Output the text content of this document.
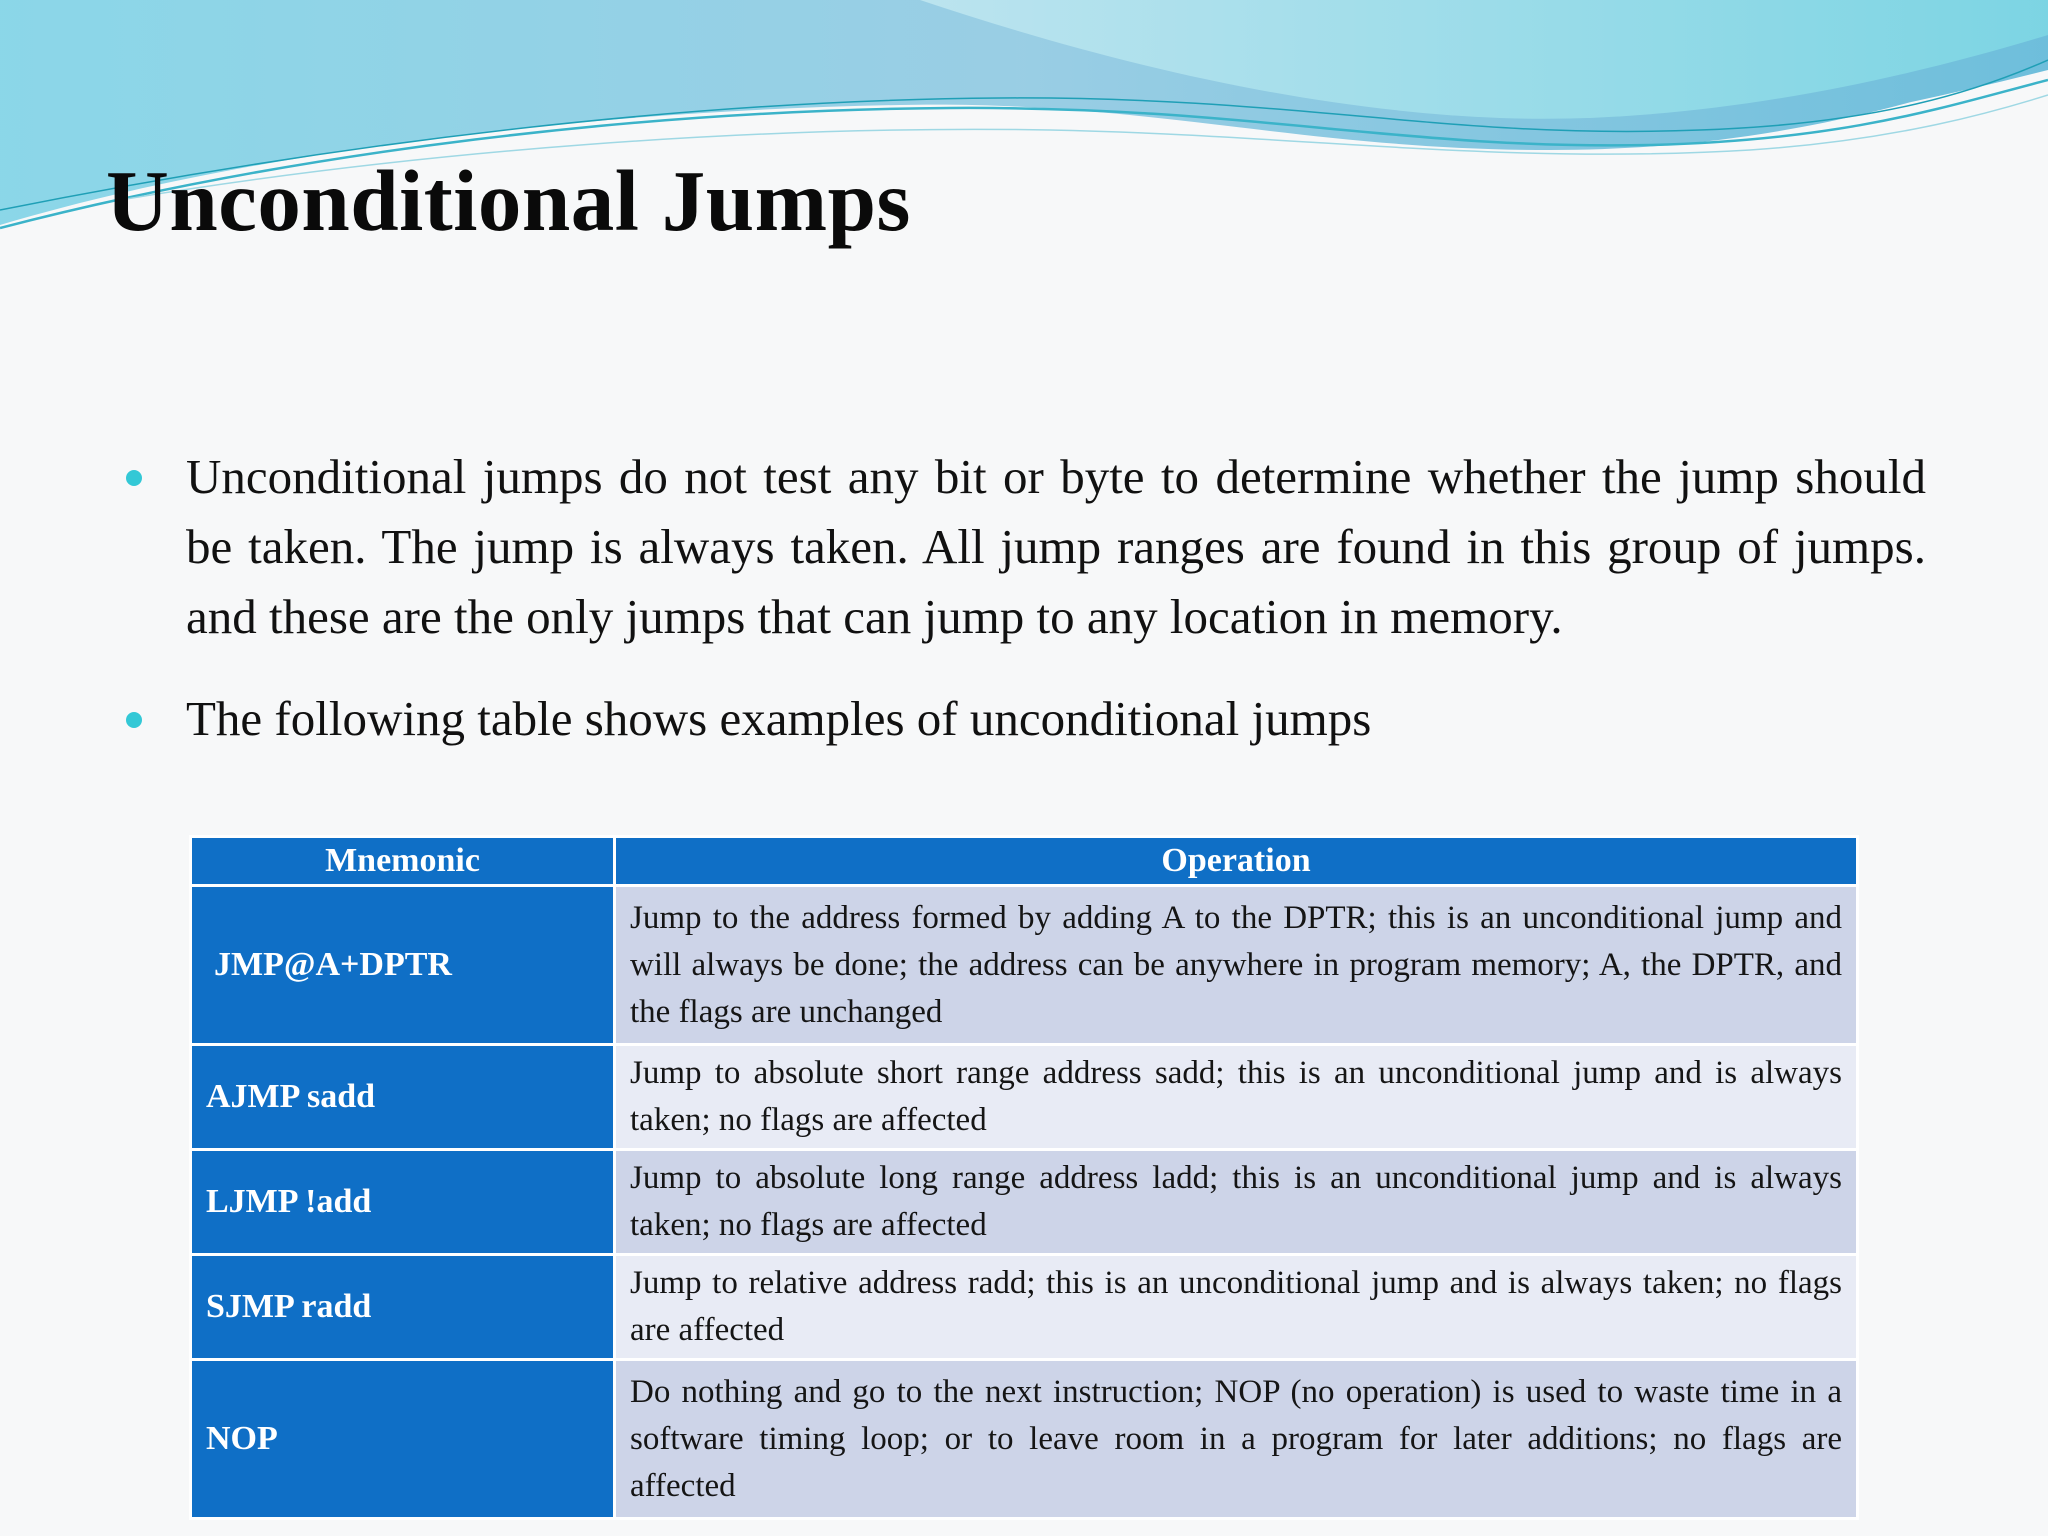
Unconditional Jumps
Unconditional jumps do not test any bit or byte to determine whether the jump should be taken. The jump is always taken. All jump ranges are found in this group of jumps. and these are the only jumps that can jump to any location in memory.
The following table shows examples of unconditional jumps
Mnemonic	Operation
JMP@A+DPTR	Jump to the address formed by adding A to the DPTR; this is an unconditional jump and will always be done; the address can be anywhere in program memory; A, the DPTR, and the flags are unchanged
AJMP sadd	Jump to absolute short range address sadd; this is an unconditional jump and is always taken; no flags are affected
LJMP !add	Jump to absolute long range address ladd; this is an unconditional jump and is always taken; no flags are affected
SJMP radd	Jump to relative address radd; this is an unconditional jump and is always taken; no flags are affected
NOP	Do nothing and go to the next instruction; NOP (no operation) is used to waste time in a software timing loop; or to leave room in a program for later additions; no flags are affected
